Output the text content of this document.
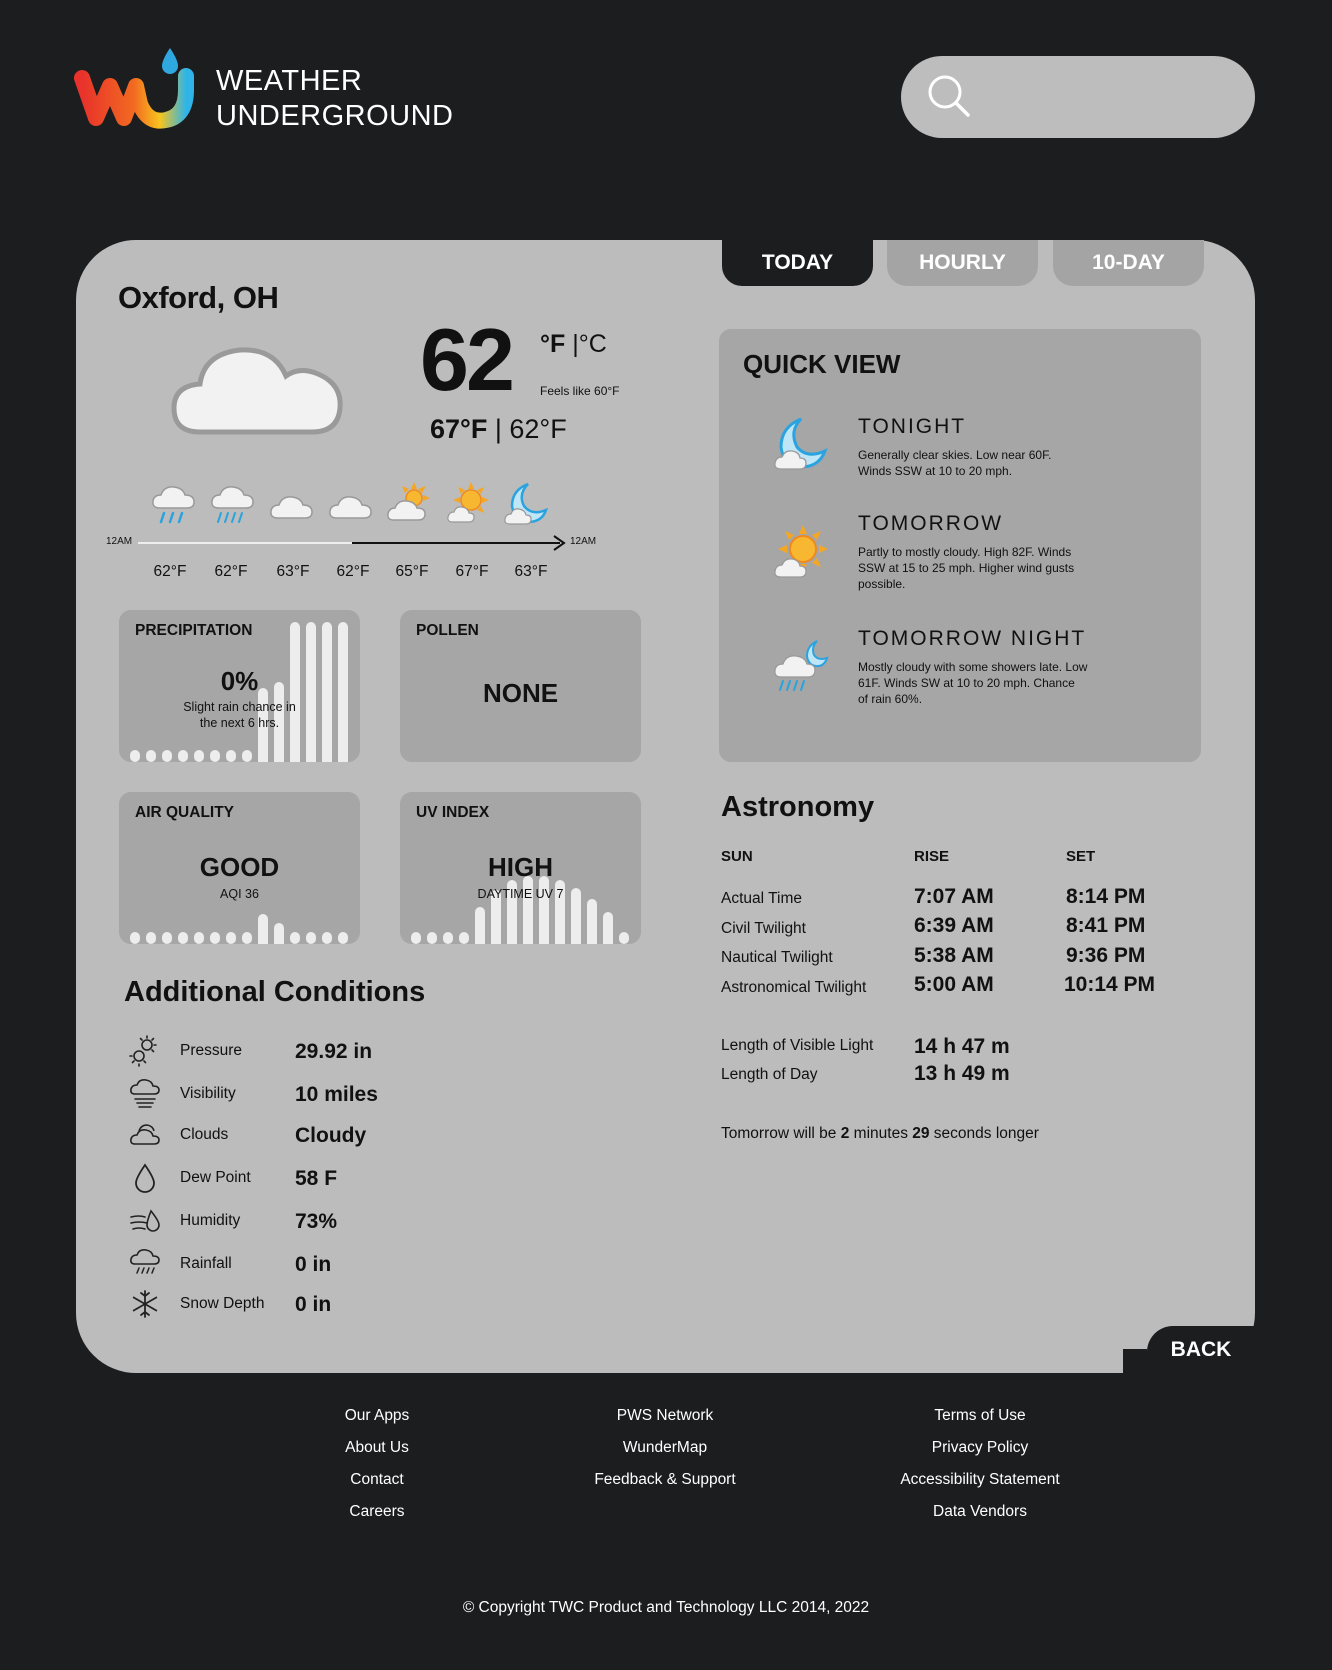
WEATHER
UNDERGROUND
TODAY	HOURLY	10-DAY
Oxford, OH
62 °F |°C
Feels like 60°F
67°F | 62°F
12AM	12AM
62°F	62°F	63°F	62°F	65°F	67°F	63°F
PRECIPITATION
0%
Slight rain chance in
the next 6 hrs.
POLLEN
NONE
AIR QUALITY
GOOD
AQI 36
UV INDEX
HIGH
DAYTIME UV 7
QUICK VIEW
TONIGHT
Generally clear skies. Low near 60F. Winds SSW at 10 to 20 mph.
TOMORROW
Partly to mostly cloudy. High 82F. Winds SSW at 15 to 25 mph. Higher wind gusts possible.
TOMORROW NIGHT
Mostly cloudy with some showers late. Low 61F. Winds SW at 10 to 20 mph. Chance of rain 60%.
Astronomy
SUN	RISE	SET
Actual Time	7:07 AM	8:14 PM
Civil Twilight	6:39 AM	8:41 PM
Nautical Twilight	5:38 AM	9:36 PM
Astronomical Twilight 5:00 AM	10:14 PM
Length of Visible Light 14 h 47 m
Length of Day	13 h 49 m
Tomorrow will be 2 minutes 29 seconds longer
Additional Conditions
Pressure	29.92 in
Visibility	10 miles
Clouds	Cloudy
Dew Point 58 F
Humidity	73%
Rainfall	0 in
Snow Depth 0 in
BACK
Our Apps
About Us
Contact
Careers
PWS Network
WunderMap
Feedback & Support
Terms of Use
Privacy Policy
Accessibility Statement
Data Vendors
© Copyright TWC Product and Technology LLC 2014, 2022
